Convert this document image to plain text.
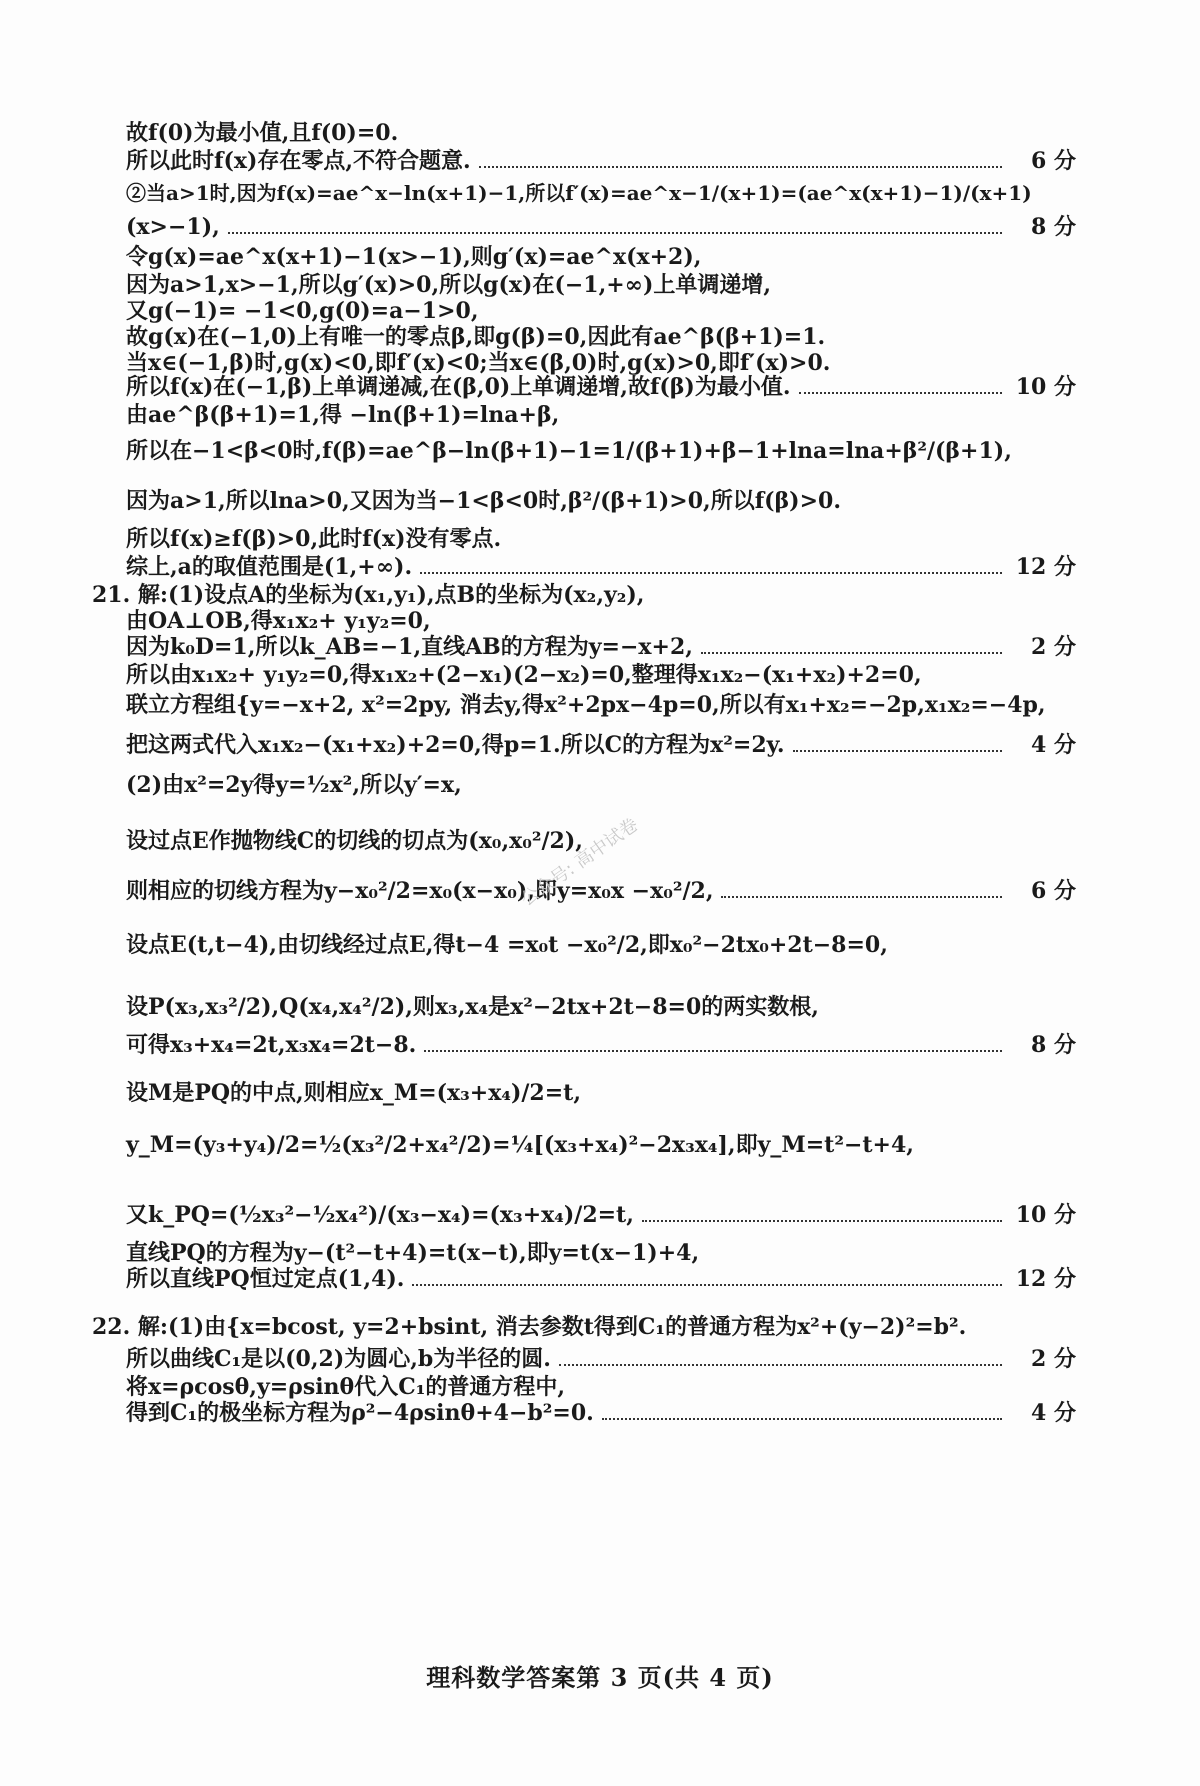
故f(0)为最小值,且f(0)=0.
所以此时f(x)存在零点,不符合题意.	6 分
②当a>1时,因为f(x)=ae^x−ln(x+1)−1,所以f′(x)=ae^x−1/(x+1)=(ae^x(x+1)−1)/(x+1)
(x>−1),	8 分
令g(x)=ae^x(x+1)−1(x>−1),则g′(x)=ae^x(x+2),
因为a>1,x>−1,所以g′(x)>0,所以g(x)在(−1,+∞)上单调递增,
又g(−1)= −1<0,g(0)=a−1>0,
故g(x)在(−1,0)上有唯一的零点β,即g(β)=0,因此有ae^β(β+1)=1.
当x∈(−1,β)时,g(x)<0,即f′(x)<0;当x∈(β,0)时,g(x)>0,即f′(x)>0.
所以f(x)在(−1,β)上单调递减,在(β,0)上单调递增,故f(β)为最小值.	10 分
由ae^β(β+1)=1,得 −ln(β+1)=lna+β,
所以在−1<β<0时,f(β)=ae^β−ln(β+1)−1=1/(β+1)+β−1+lna=lna+β²/(β+1),
因为a>1,所以lna>0,又因为当−1<β<0时,β²/(β+1)>0,所以f(β)>0.
所以f(x)≥f(β)>0,此时f(x)没有零点.
综上,a的取值范围是(1,+∞).	12 分
21. 解:(1)设点A的坐标为(x₁,y₁),点B的坐标为(x₂,y₂),
由OA⊥OB,得x₁x₂+ y₁y₂=0,
因为k₀D=1,所以k_AB=−1,直线AB的方程为y=−x+2,	2 分
所以由x₁x₂+ y₁y₂=0,得x₁x₂+(2−x₁)(2−x₂)=0,整理得x₁x₂−(x₁+x₂)+2=0,
联立方程组{y=−x+2, x²=2py, 消去y,得x²+2px−4p=0,所以有x₁+x₂=−2p,x₁x₂=−4p,
把这两式代入x₁x₂−(x₁+x₂)+2=0,得p=1.所以C的方程为x²=2y.	4 分
(2)由x²=2y得y=½x²,所以y′=x,
设过点E作抛物线C的切线的切点为(x₀,x₀²/2),
则相应的切线方程为y−x₀²/2=x₀(x−x₀),即y=x₀x −x₀²/2,	6 分
设点E(t,t−4),由切线经过点E,得t−4 =x₀t −x₀²/2,即x₀²−2tx₀+2t−8=0,
设P(x₃,x₃²/2),Q(x₄,x₄²/2),则x₃,x₄是x²−2tx+2t−8=0的两实数根,
可得x₃+x₄=2t,x₃x₄=2t−8.	8 分
设M是PQ的中点,则相应x_M=(x₃+x₄)/2=t,
y_M=(y₃+y₄)/2=½(x₃²/2+x₄²/2)=¼[(x₃+x₄)²−2x₃x₄],即y_M=t²−t+4,
又k_PQ=(½x₃²−½x₄²)/(x₃−x₄)=(x₃+x₄)/2=t,	10 分
直线PQ的方程为y−(t²−t+4)=t(x−t),即y=t(x−1)+4,
所以直线PQ恒过定点(1,4).	12 分
22. 解:(1)由{x=bcost, y=2+bsint, 消去参数t得到C₁的普通方程为x²+(y−2)²=b².
所以曲线C₁是以(0,2)为圆心,b为半径的圆.	2 分
将x=ρcosθ,y=ρsinθ代入C₁的普通方程中,
得到C₁的极坐标方程为ρ²−4ρsinθ+4−b²=0.	4 分
公众号: 高中试卷
理科数学答案第 3 页(共 4 页)
